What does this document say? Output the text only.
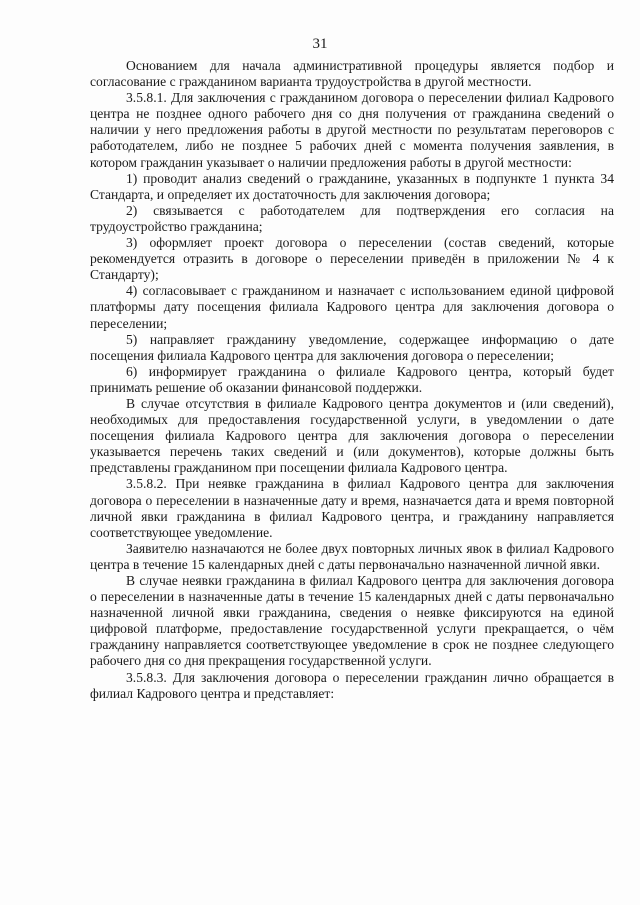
31

Основанием для начала административной процедуры является подбор и согласование с гражданином варианта трудоустройства в другой местности.

3.5.8.1. Для заключения с гражданином договора о переселении филиал Кадрового центра не позднее одного рабочего дня со дня получения от гражданина сведений о наличии у него предложения работы в другой местности по результатам переговоров с работодателем, либо не позднее 5 рабочих дней с момента получения заявления, в котором гражданин указывает о наличии предложения работы в другой местности:

1) проводит анализ сведений о гражданине, указанных в подпункте 1 пункта 34 Стандарта, и определяет их достаточность для заключения договора;

2) связывается с работодателем для подтверждения его согласия на трудоустройство гражданина;

3) оформляет проект договора о переселении (состав сведений, которые рекомендуется отразить в договоре о переселении приведён в приложении № 4 к Стандарту);

4) согласовывает с гражданином и назначает с использованием единой цифровой платформы дату посещения филиала Кадрового центра для заключения договора о переселении;

5) направляет гражданину уведомление, содержащее информацию о дате посещения филиала Кадрового центра для заключения договора о переселении;

6) информирует гражданина о филиале Кадрового центра, который будет принимать решение об оказании финансовой поддержки.

В случае отсутствия в филиале Кадрового центра документов и (или сведений), необходимых для предоставления государственной услуги, в уведомлении о дате посещения филиала Кадрового центра для заключения договора о переселении указывается перечень таких сведений и (или документов), которые должны быть представлены гражданином при посещении филиала Кадрового центра.

3.5.8.2. При неявке гражданина в филиал Кадрового центра для заключения договора о переселении в назначенные дату и время, назначается дата и время повторной личной явки гражданина в филиал Кадрового центра, и гражданину направляется соответствующее уведомление.

Заявителю назначаются не более двух повторных личных явок в филиал Кадрового центра в течение 15 календарных дней с даты первоначально назначенной личной явки.

В случае неявки гражданина в филиал Кадрового центра для заключения договора о переселении в назначенные даты в течение 15 календарных дней с даты первоначально назначенной личной явки гражданина, сведения о неявке фиксируются на единой цифровой платформе, предоставление государственной услуги прекращается, о чём гражданину направляется соответствующее уведомление в срок не позднее следующего рабочего дня со дня прекращения государственной услуги.

3.5.8.3. Для заключения договора о переселении гражданин лично обращается в филиал Кадрового центра и представляет:
